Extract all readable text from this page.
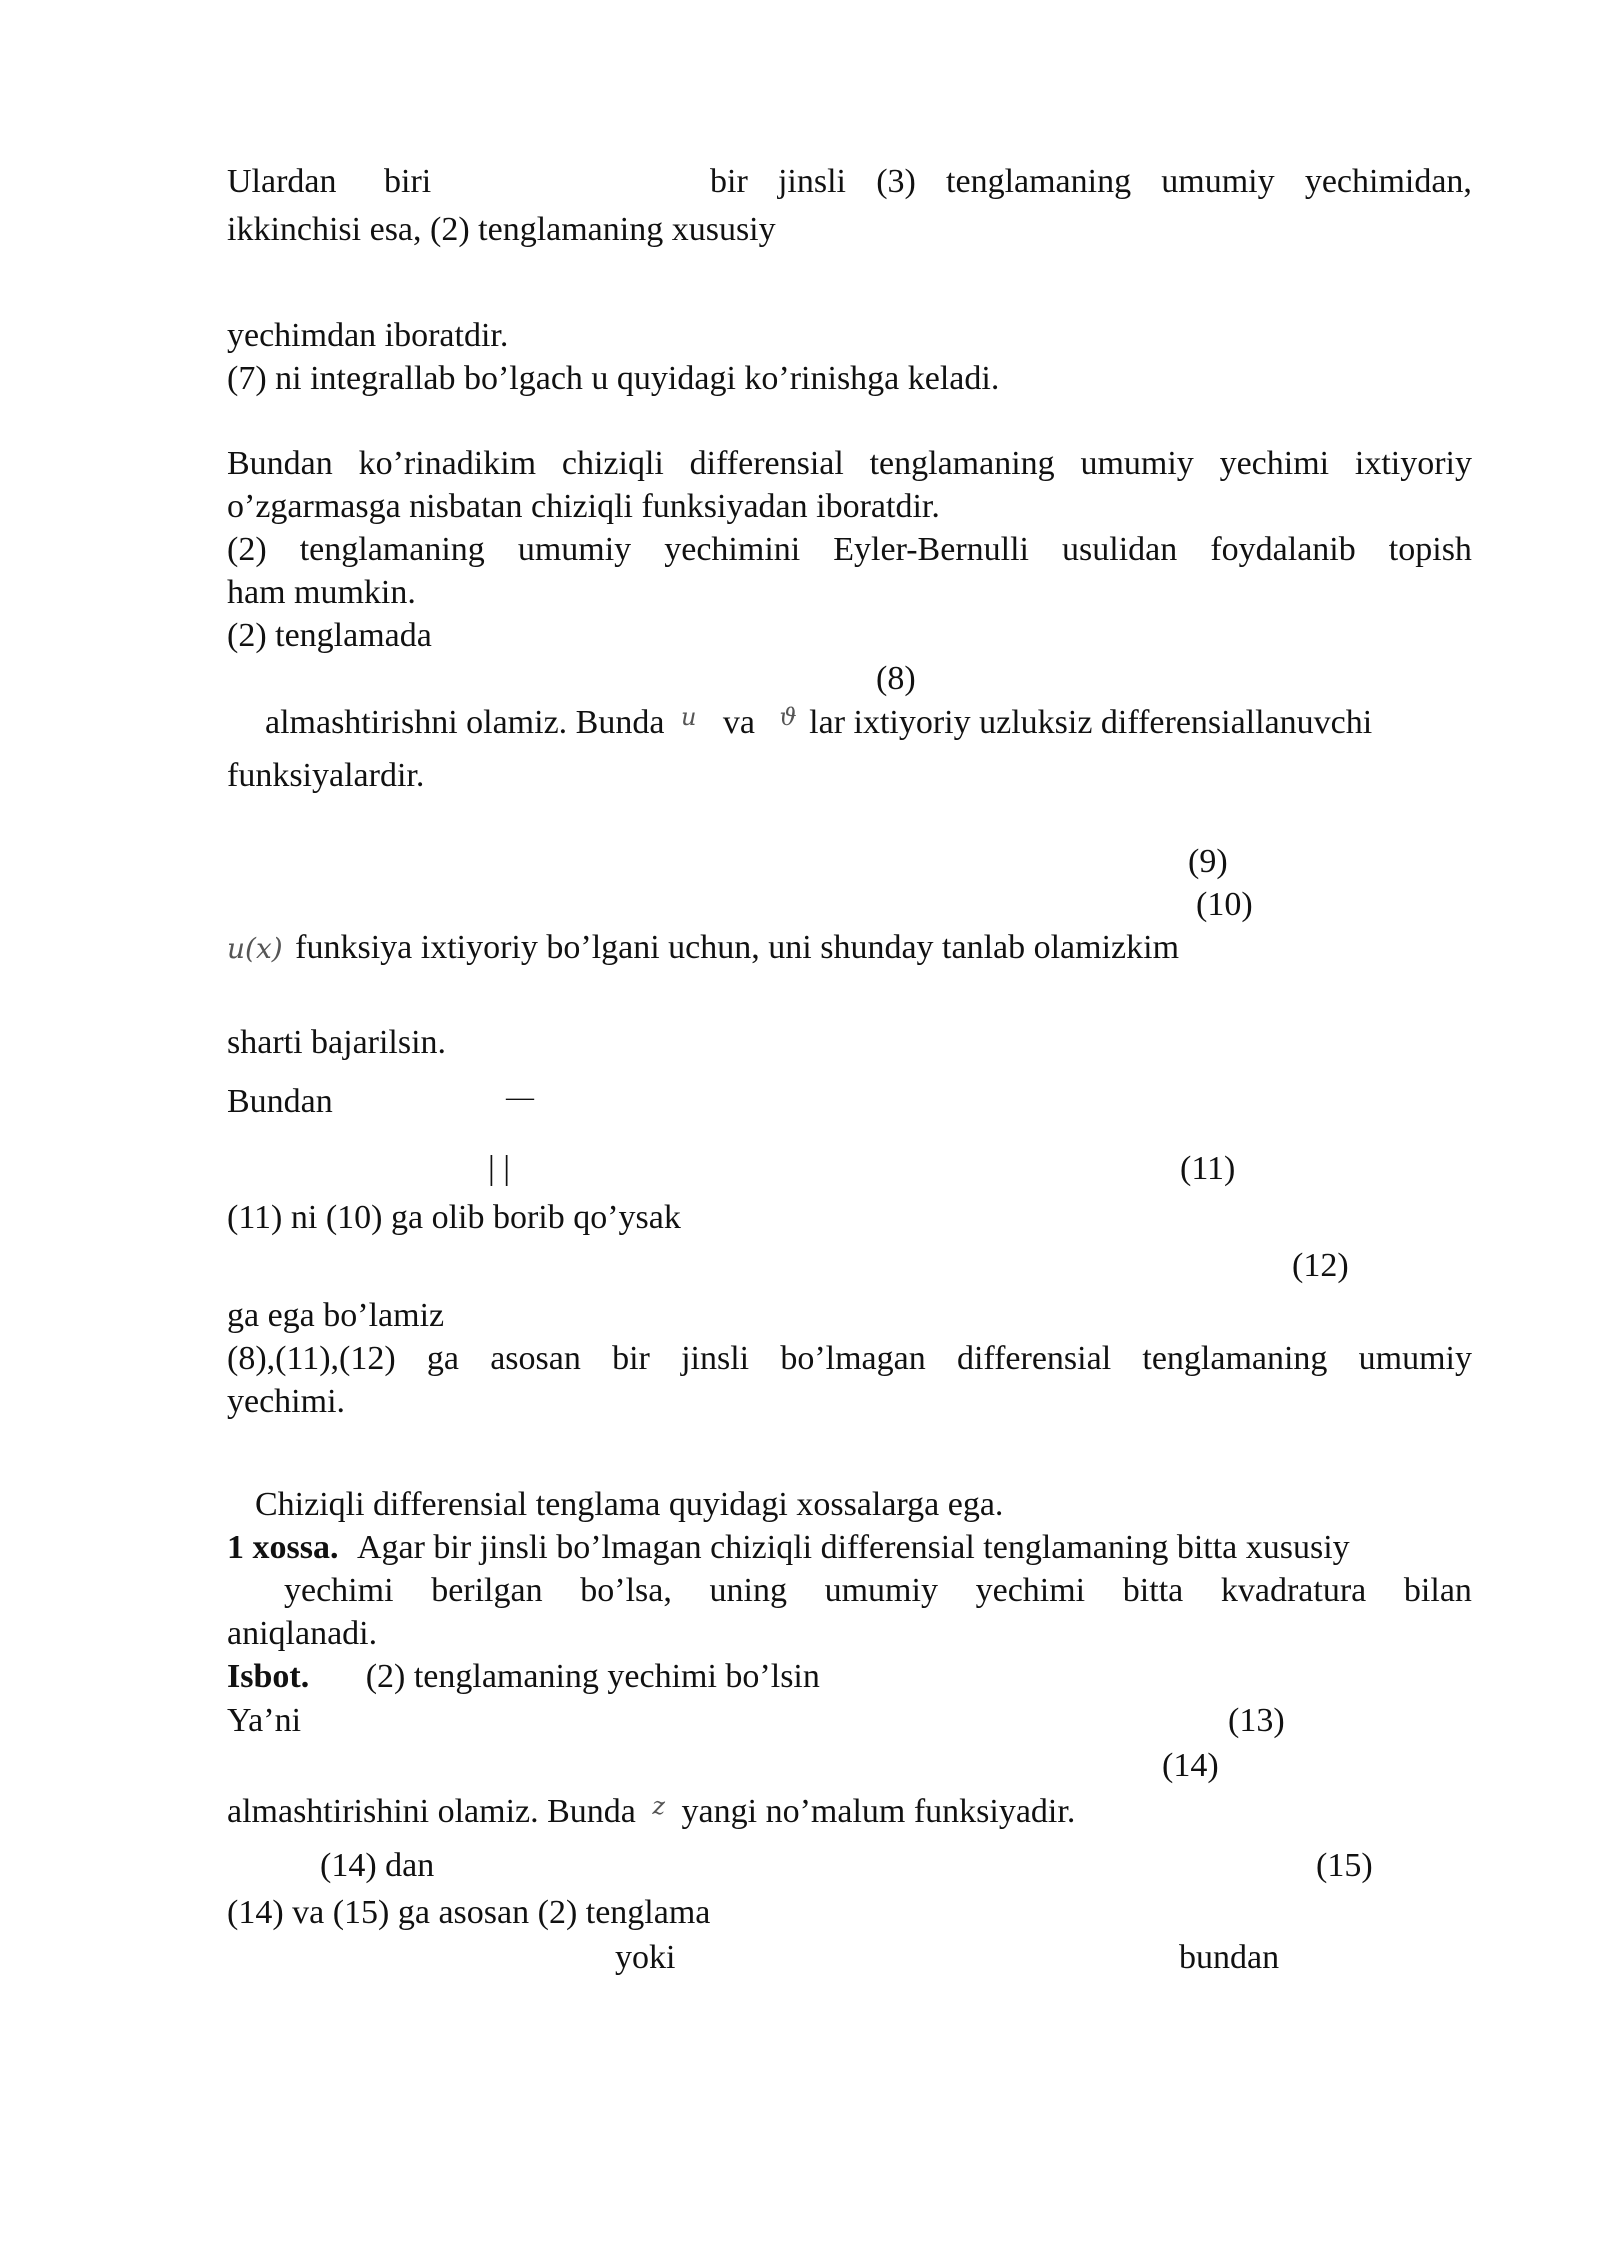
Ulardan biri	bir jinsli (3) tenglamaning umumiy yechimidan,
ikkinchisi esa, (2) tenglamaning xususiy
yechimdan iboratdir.
(7) ni integrallab bo’lgach u quyidagi ko’rinishga keladi.
Bundan ko’rinadikim chiziqli differensial tenglamaning umumiy yechimi ixtiyoriy
o’zgarmasga nisbatan chiziqli funksiyadan iboratdir.
(2) tenglamaning umumiy yechimini Eyler-Bernulli usulidan foydalanib topish
ham mumkin.
(2) tenglamada
(8)
almashtirishni olamiz. Bunda $^u$ va $^ϑ$ lar ixtiyoriy uzluksiz differensiallanuvchi
funksiyalardir.
(9)
(10)
u(x) funksiya ixtiyoriy bo’lgani uchun, uni shunday tanlab olamizkim
sharti bajarilsin.
Bundan	—
| |	(11)
(11) ni (10) ga olib borib qo’ysak
(12)
ga ega bo’lamiz
(8),(11),(12) ga asosan bir jinsli bo’lmagan differensial tenglamaning umumiy
yechimi.
Chiziqli differensial tenglama quyidagi xossalarga ega.
1 xossa. Agar bir jinsli bo’lmagan chiziqli differensial tenglamaning bitta xususiy
yechimi berilgan bo’lsa, uning umumiy yechimi bitta kvadratura bilan
aniqlanadi.
Isbot. (2) tenglamaning yechimi bo’lsin
Ya’ni	(13)
(14)
almashtirishini olamiz. Bunda $^z$ yangi no’malum funksiyadir.
(14) dan	(15)
(14) va (15) ga asosan (2) tenglama
yoki	bundan
